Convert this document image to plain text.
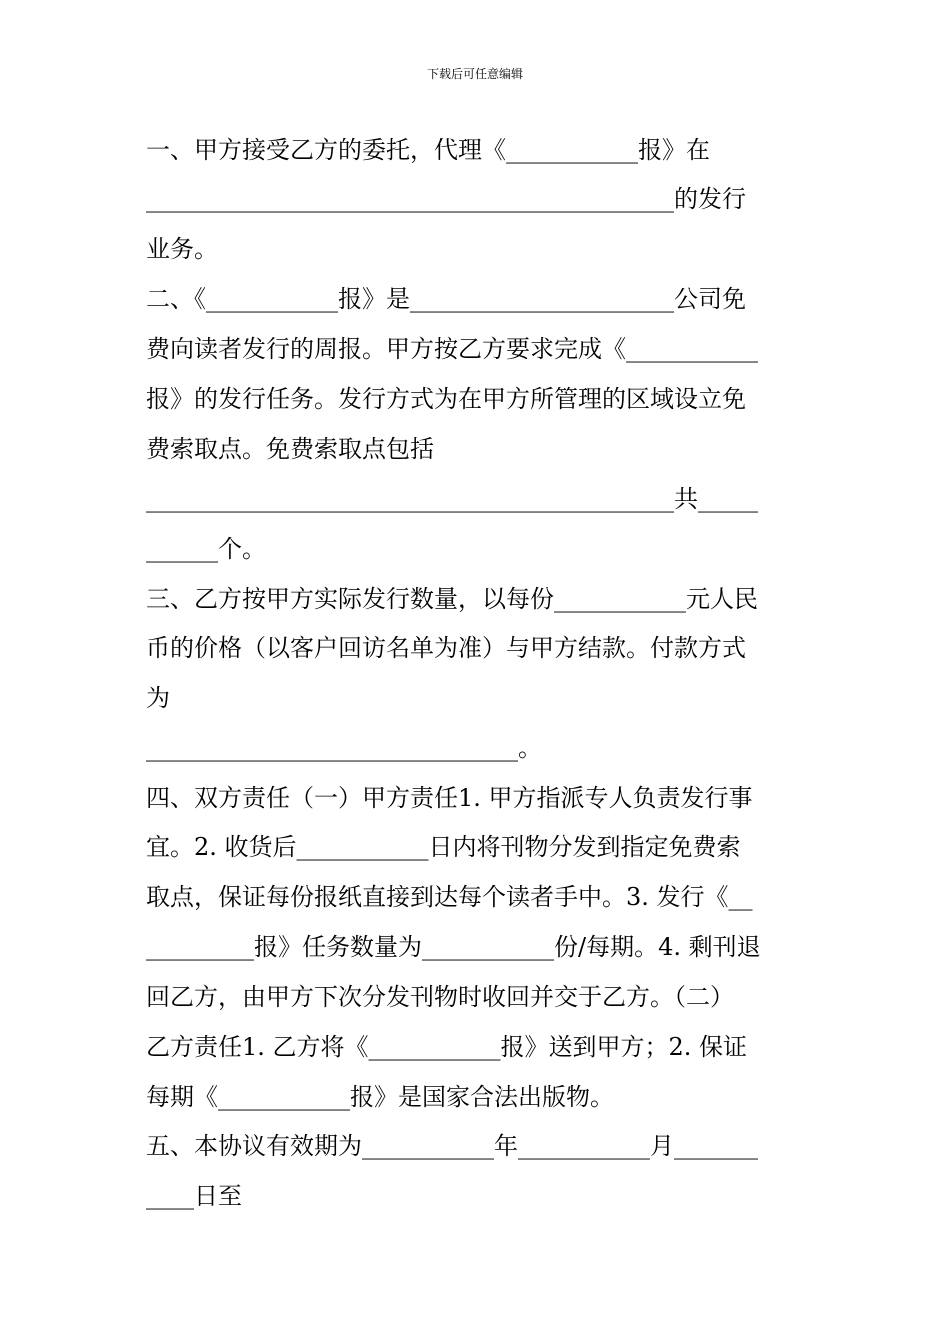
下载后可任意编辑
一、甲方接受乙方的委托，代理《___________报》在
____________________________________________的发行
业务。
二、《___________报》是______________________公司免
费向读者发行的周报。甲方按乙方要求完成《___________
报》的发行任务。发行方式为在甲方所管理的区域设立免
费索取点。免费索取点包括
____________________________________________共_____
______个。
三、乙方按甲方实际发行数量，以每份___________元人民
币的价格（以客户回访名单为准）与甲方结款。付款方式
为
_______________________________。
四、双方责任（一）甲方责任1. 甲方指派专人负责发行事
宜。2. 收货后___________日内将刊物分发到指定免费索
取点，保证每份报纸直接到达每个读者手中。3. 发行《__
_________报》任务数量为___________份/每期。4. 剩刊退
回乙方，由甲方下次分发刊物时收回并交于乙方。（二）
乙方责任1. 乙方将《___________报》送到甲方；2. 保证
每期《___________报》是国家合法出版物。
五、本协议有效期为___________年___________月_______
____日至
